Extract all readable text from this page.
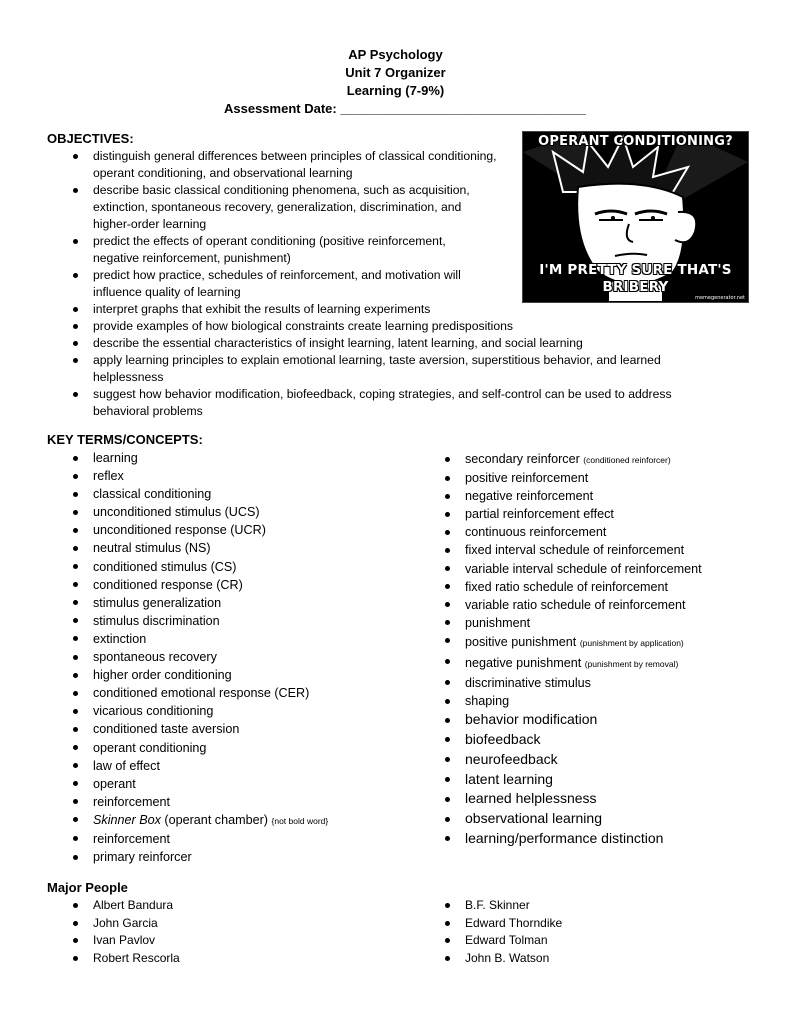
AP Psychology
Unit 7 Organizer
Learning (7-9%)
Assessment Date: __________________________________
OBJECTIVES:
distinguish general differences between principles of classical conditioning, operant conditioning, and observational learning
describe basic classical conditioning phenomena, such as acquisition, extinction, spontaneous recovery, generalization, discrimination, and higher-order learning
predict the effects of operant conditioning (positive reinforcement, negative reinforcement, punishment)
predict how practice, schedules of reinforcement, and motivation will influence quality of learning
interpret graphs that exhibit the results of learning experiments
provide examples of how biological constraints create learning predispositions
describe the essential characteristics of insight learning, latent learning, and social learning
apply learning principles to explain emotional learning, taste aversion, superstitious behavior, and learned helplessness
suggest how behavior modification, biofeedback, coping strategies, and self-control can be used to address behavioral problems
OPERANT CONDITIONING?
I'M PRETTY SURE THAT'S BRIBERY
memegenerator.net
KEY TERMS/CONCEPTS:
learning
reflex
classical conditioning
unconditioned stimulus (UCS)
unconditioned response (UCR)
neutral stimulus (NS)
conditioned stimulus (CS)
conditioned response (CR)
stimulus generalization
stimulus discrimination
extinction
spontaneous recovery
higher order conditioning
conditioned emotional response (CER)
vicarious conditioning
conditioned taste aversion
operant conditioning
law of effect
operant
reinforcement
Skinner Box (operant chamber) {not bold word}
reinforcement
primary reinforcer
secondary reinforcer (conditioned reinforcer)
positive reinforcement
negative reinforcement
partial reinforcement effect
continuous reinforcement
fixed interval schedule of reinforcement
variable interval schedule of reinforcement
fixed ratio schedule of reinforcement
variable ratio schedule of reinforcement
punishment
positive punishment (punishment by application)
negative punishment (punishment by removal)
discriminative stimulus
shaping
behavior modification
biofeedback
neurofeedback
latent learning
learned helplessness
observational learning
learning/performance distinction
Major People
Albert Bandura
John Garcia
Ivan Pavlov
Robert Rescorla
B.F. Skinner
Edward Thorndike
Edward Tolman
John B. Watson
